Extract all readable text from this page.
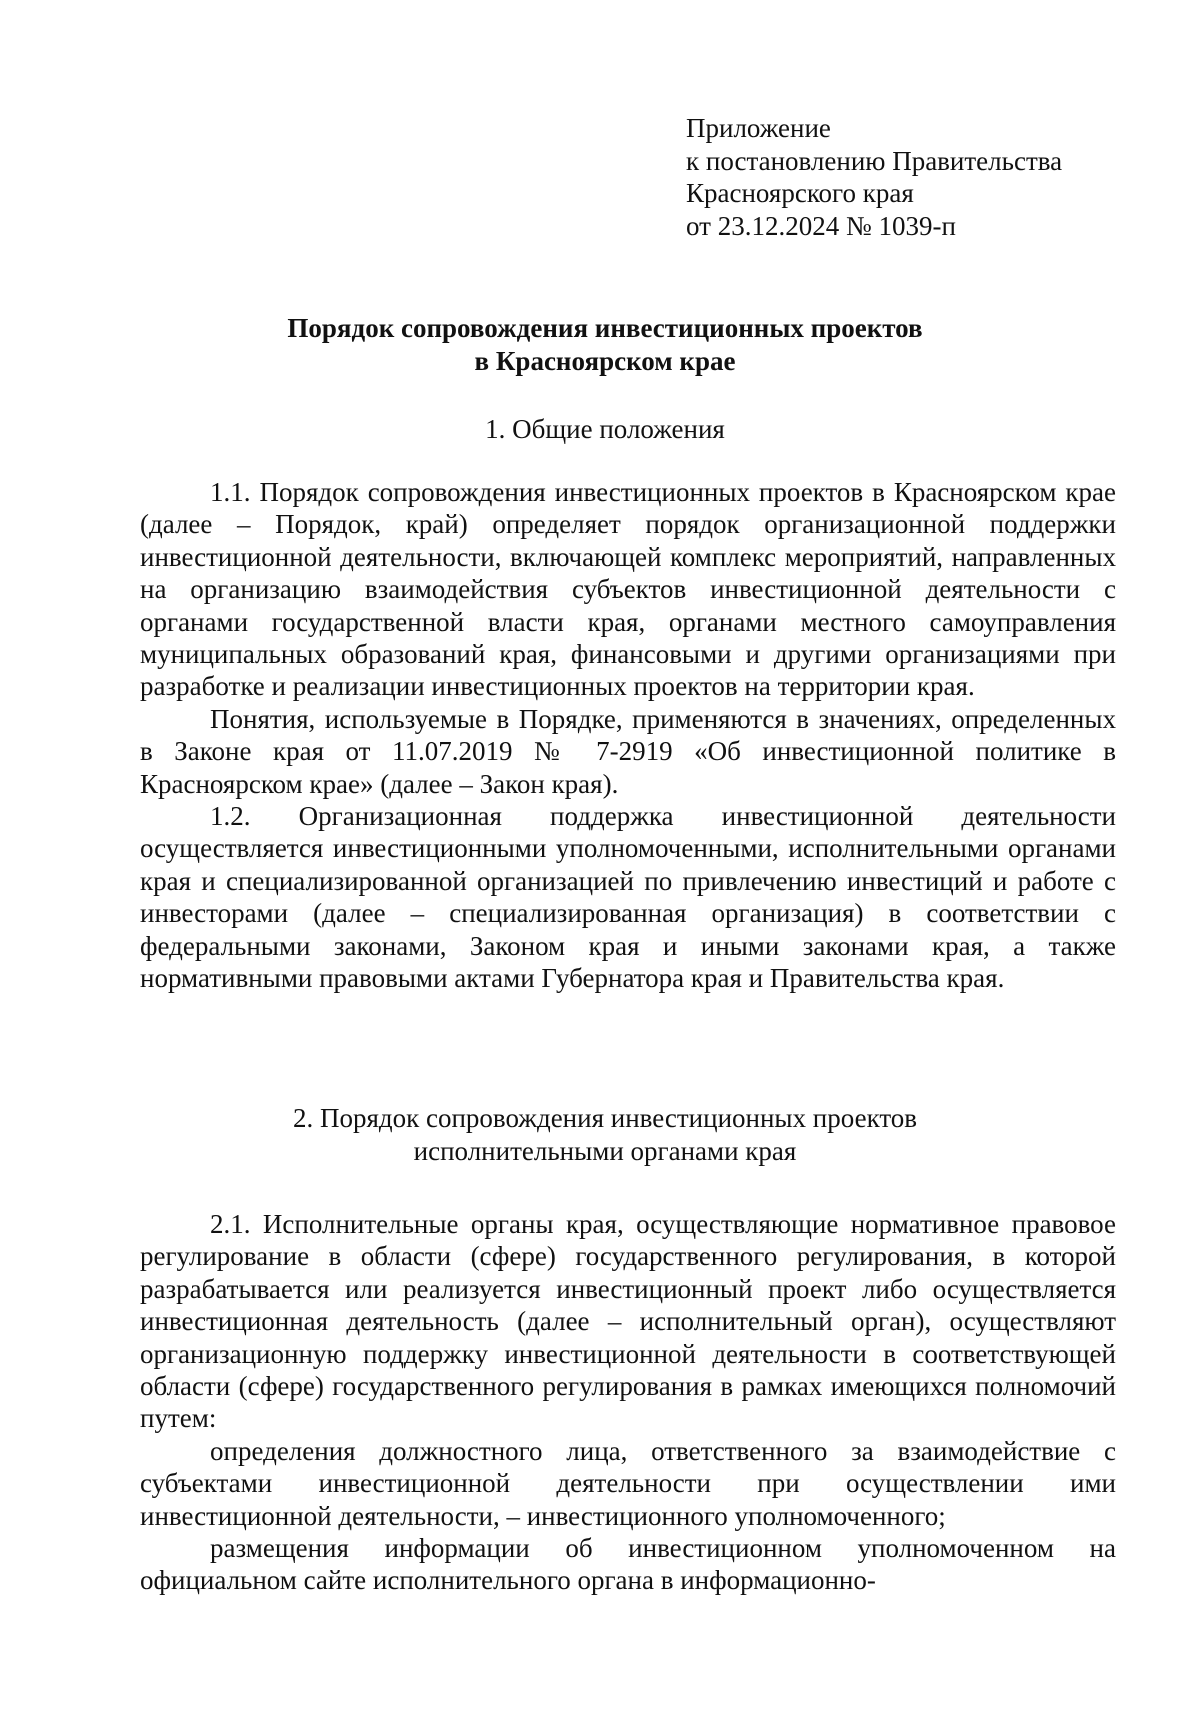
Приложение
к постановлению Правительства
Красноярского края
от 23.12.2024 № 1039-п
Порядок сопровождения инвестиционных проектов
в Красноярском крае
1. Общие положения

1.1. Порядок сопровождения инвестиционных проектов в Красноярском крае (далее – Порядок, край) определяет порядок организационной поддержки инвестиционной деятельности, включающей комплекс мероприятий, направленных на организацию взаимодействия субъектов инвестиционной деятельности с органами государственной власти края, органами местного самоуправления муниципальных образований края, финансовыми и другими организациями при разработке и реализации инвестиционных проектов на территории края.

Понятия, используемые в Порядке, применяются в значениях, определенных в Законе края от 11.07.2019 № 7-2919 «Об инвестиционной политике в Красноярском крае» (далее – Закон края).

1.2. Организационная поддержка инвестиционной деятельности осуществляется инвестиционными уполномоченными, исполнительными органами края и специализированной организацией по привлечению инвестиций и работе с инвесторами (далее – специализированная организация) в соответствии с федеральными законами, Законом края и иными законами края, а также нормативными правовыми актами Губернатора края и Правительства края.

2. Порядок сопровождения инвестиционных проектов
исполнительными органами края

2.1. Исполнительные органы края, осуществляющие нормативное правовое регулирование в области (сфере) государственного регулирования, в которой разрабатывается или реализуется инвестиционный проект либо осуществляется инвестиционная деятельность (далее – исполнительный орган), осуществляют организационную поддержку инвестиционной деятельности в соответствующей области (сфере) государственного регулирования в рамках имеющихся полномочий путем:

определения должностного лица, ответственного за взаимодействие с субъектами инвестиционной деятельности при осуществлении ими инвестиционной деятельности, – инвестиционного уполномоченного;

размещения информации об инвестиционном уполномоченном на официальном сайте исполнительного органа в информационно-
